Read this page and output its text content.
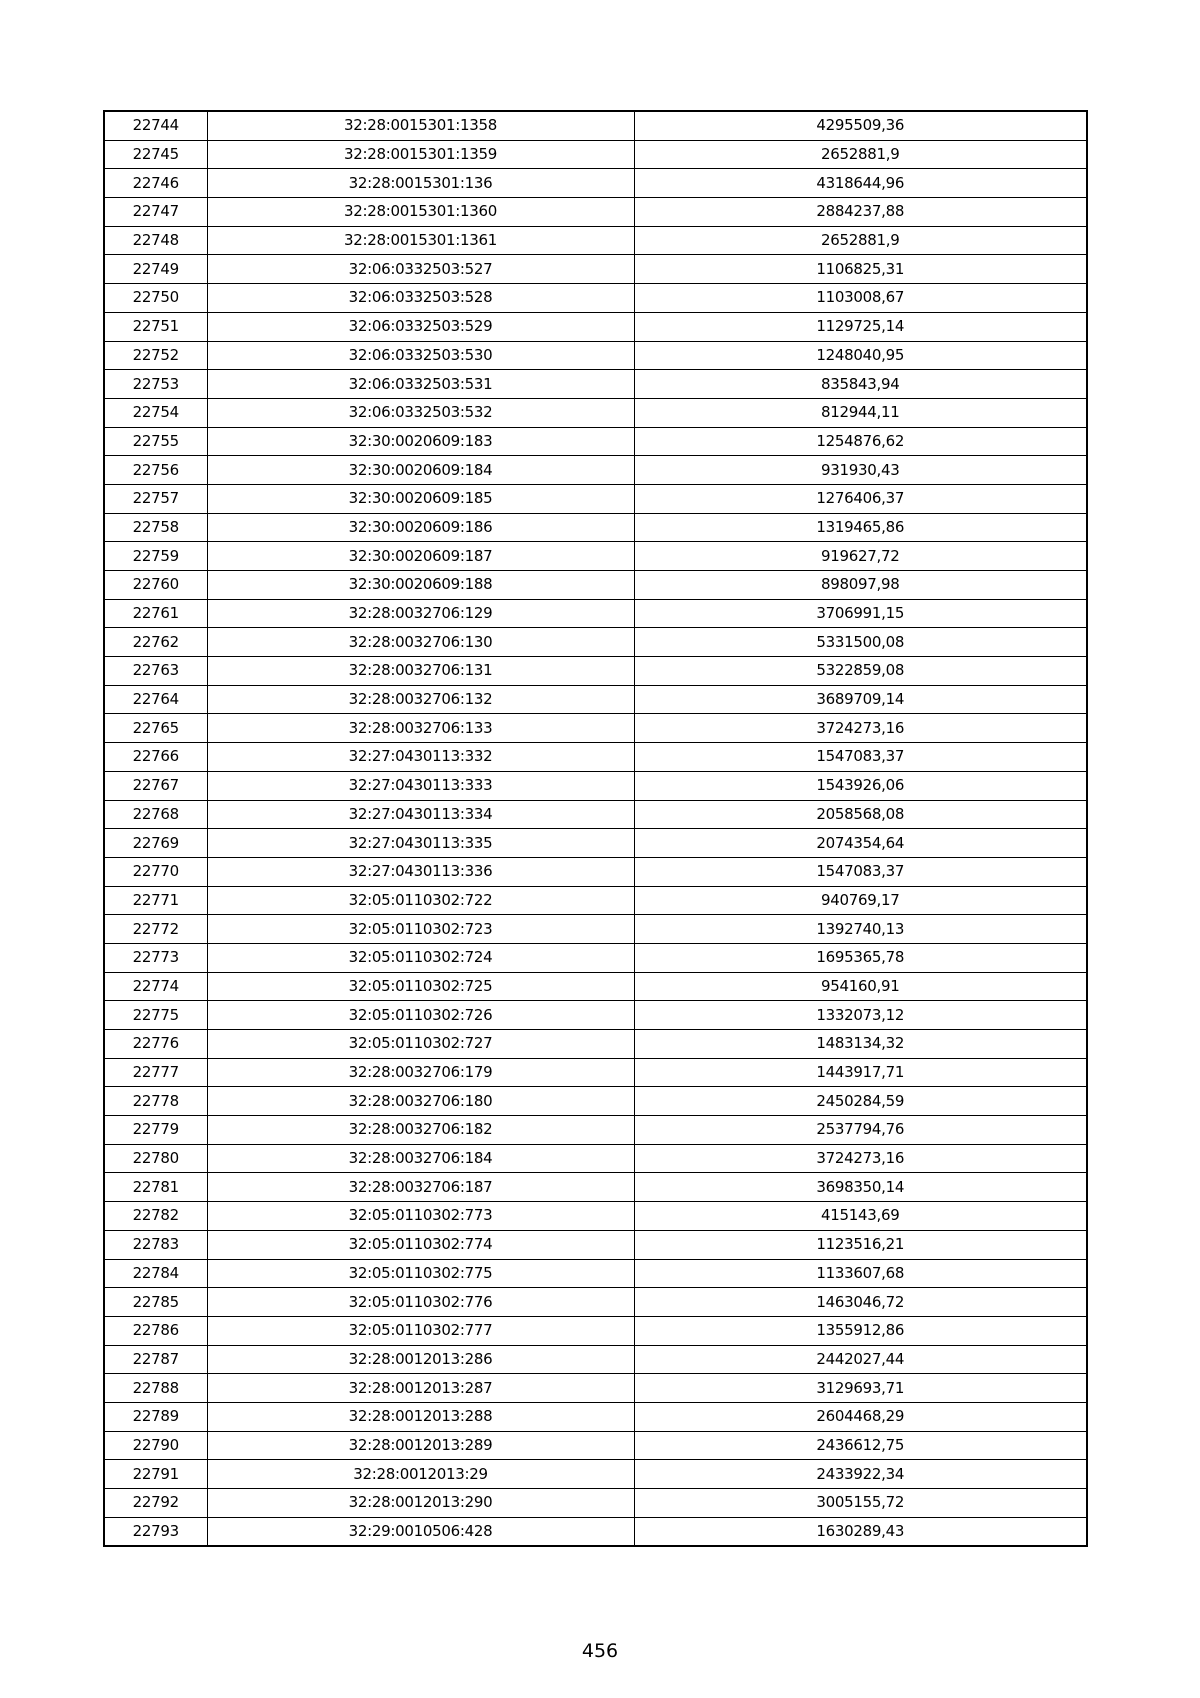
22744	32:28:0015301:1358	4295509,36
22745	32:28:0015301:1359	2652881,9
22746	32:28:0015301:136	4318644,96
22747	32:28:0015301:1360	2884237,88
22748	32:28:0015301:1361	2652881,9
22749	32:06:0332503:527	1106825,31
22750	32:06:0332503:528	1103008,67
22751	32:06:0332503:529	1129725,14
22752	32:06:0332503:530	1248040,95
22753	32:06:0332503:531	835843,94
22754	32:06:0332503:532	812944,11
22755	32:30:0020609:183	1254876,62
22756	32:30:0020609:184	931930,43
22757	32:30:0020609:185	1276406,37
22758	32:30:0020609:186	1319465,86
22759	32:30:0020609:187	919627,72
22760	32:30:0020609:188	898097,98
22761	32:28:0032706:129	3706991,15
22762	32:28:0032706:130	5331500,08
22763	32:28:0032706:131	5322859,08
22764	32:28:0032706:132	3689709,14
22765	32:28:0032706:133	3724273,16
22766	32:27:0430113:332	1547083,37
22767	32:27:0430113:333	1543926,06
22768	32:27:0430113:334	2058568,08
22769	32:27:0430113:335	2074354,64
22770	32:27:0430113:336	1547083,37
22771	32:05:0110302:722	940769,17
22772	32:05:0110302:723	1392740,13
22773	32:05:0110302:724	1695365,78
22774	32:05:0110302:725	954160,91
22775	32:05:0110302:726	1332073,12
22776	32:05:0110302:727	1483134,32
22777	32:28:0032706:179	1443917,71
22778	32:28:0032706:180	2450284,59
22779	32:28:0032706:182	2537794,76
22780	32:28:0032706:184	3724273,16
22781	32:28:0032706:187	3698350,14
22782	32:05:0110302:773	415143,69
22783	32:05:0110302:774	1123516,21
22784	32:05:0110302:775	1133607,68
22785	32:05:0110302:776	1463046,72
22786	32:05:0110302:777	1355912,86
22787	32:28:0012013:286	2442027,44
22788	32:28:0012013:287	3129693,71
22789	32:28:0012013:288	2604468,29
22790	32:28:0012013:289	2436612,75
22791	32:28:0012013:29	2433922,34
22792	32:28:0012013:290	3005155,72
22793	32:29:0010506:428	1630289,43
456
